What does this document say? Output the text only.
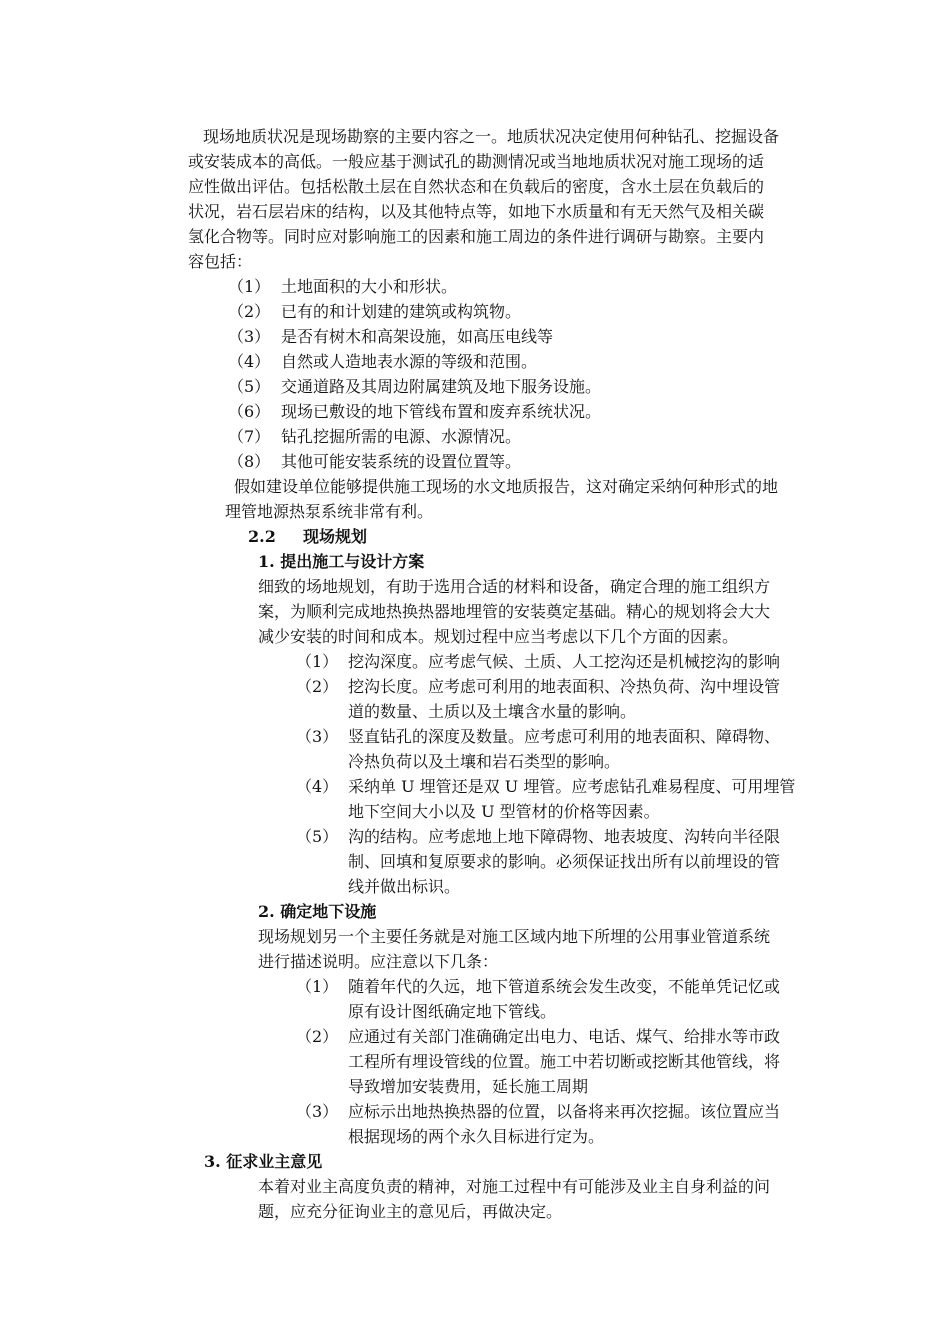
现场地质状况是现场勘察的主要内容之一。地质状况决定使用何种钻孔、挖掘设备
或安装成本的高低。一般应基于测试孔的勘测情况或当地地质状况对施工现场的适
应性做出评估。包括松散土层在自然状态和在负载后的密度，含水土层在负载后的
状况，岩石层岩床的结构，以及其他特点等，如地下水质量和有无天然气及相关碳
氢化合物等。同时应对影响施工的因素和施工周边的条件进行调研与勘察。主要内
容包括：
（1） 土地面积的大小和形状。
（2） 已有的和计划建的建筑或构筑物。
（3） 是否有树木和高架设施，如高压电线等
（4） 自然或人造地表水源的等级和范围。
（5） 交通道路及其周边附属建筑及地下服务设施。
（6） 现场已敷设的地下管线布置和废弃系统状况。
（7） 钻孔挖掘所需的电源、水源情况。
（8） 其他可能安装系统的设置位置等。
假如建设单位能够提供施工现场的水文地质报告，这对确定采纳何种形式的地
理管地源热泵系统非常有利。
2.2 现场规划
1. 提出施工与设计方案
细致的场地规划，有助于选用合适的材料和设备，确定合理的施工组织方
案，为顺利完成地热换热器地埋管的安装奠定基础。精心的规划将会大大
减少安装的时间和成本。规划过程中应当考虑以下几个方面的因素。
（1） 挖沟深度。应考虑气候、土质、人工挖沟还是机械挖沟的影响
（2） 挖沟长度。应考虑可利用的地表面积、冷热负荷、沟中埋设管
道的数量、土质以及土壤含水量的影响。
（3） 竖直钻孔的深度及数量。应考虑可利用的地表面积、障碍物、
冷热负荷以及土壤和岩石类型的影响。
（4） 采纳单 U 埋管还是双 U 埋管。应考虑钻孔难易程度、可用埋管
地下空间大小以及 U 型管材的价格等因素。
（5） 沟的结构。应考虑地上地下障碍物、地表坡度、沟转向半径限
制、回填和复原要求的影响。必须保证找出所有以前埋设的管
线并做出标识。
2. 确定地下设施
现场规划另一个主要任务就是对施工区域内地下所埋的公用事业管道系统
进行描述说明。应注意以下几条：
（1） 随着年代的久远，地下管道系统会发生改变，不能单凭记忆或
原有设计图纸确定地下管线。
（2） 应通过有关部门准确确定出电力、电话、煤气、给排水等市政
工程所有埋设管线的位置。施工中若切断或挖断其他管线，将
导致增加安装费用，延长施工周期
（3） 应标示出地热换热器的位置，以备将来再次挖掘。该位置应当
根据现场的两个永久目标进行定为。
3. 征求业主意见
本着对业主高度负责的精神，对施工过程中有可能涉及业主自身利益的问
题，应充分征询业主的意见后，再做决定。
